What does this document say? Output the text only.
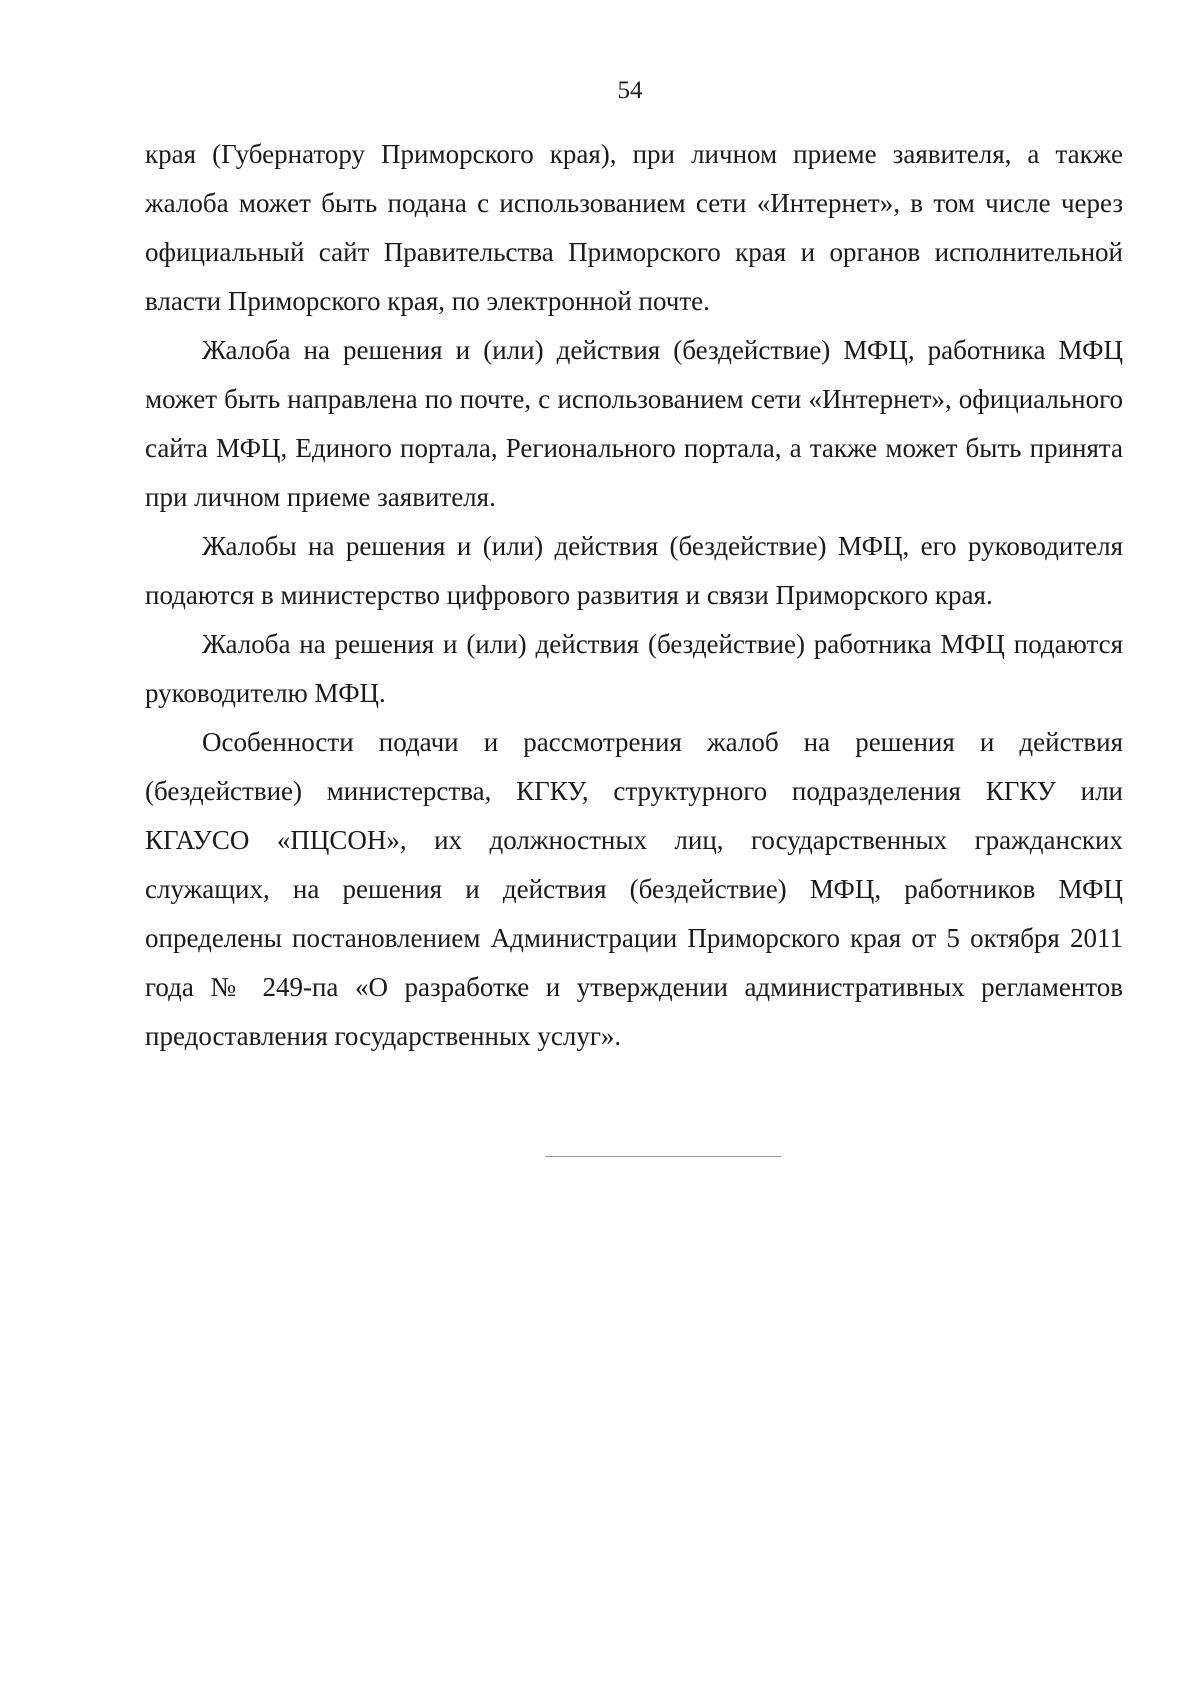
54

края (Губернатору Приморского края), при личном приеме заявителя, а также жалоба может быть подана с использованием сети «Интернет», в том числе через официальный сайт Правительства Приморского края и органов исполнительной власти Приморского края, по электронной почте.

Жалоба на решения и (или) действия (бездействие) МФЦ, работника МФЦ может быть направлена по почте, с использованием сети «Интернет», официального сайта МФЦ, Единого портала, Регионального портала, а также может быть принята при личном приеме заявителя.

Жалобы на решения и (или) действия (бездействие) МФЦ, его руководителя подаются в министерство цифрового развития и связи Приморского края.

Жалоба на решения и (или) действия (бездействие) работника МФЦ подаются руководителю МФЦ.

Особенности подачи и рассмотрения жалоб на решения и действия (бездействие) министерства, КГКУ, структурного подразделения КГКУ или КГАУСО «ПЦСОН», их должностных лиц, государственных гражданских служащих, на решения и действия (бездействие) МФЦ, работников МФЦ определены постановлением Администрации Приморского края от 5 октября 2011 года № 249-па «О разработке и утверждении административных регламентов предоставления государственных услуг».
